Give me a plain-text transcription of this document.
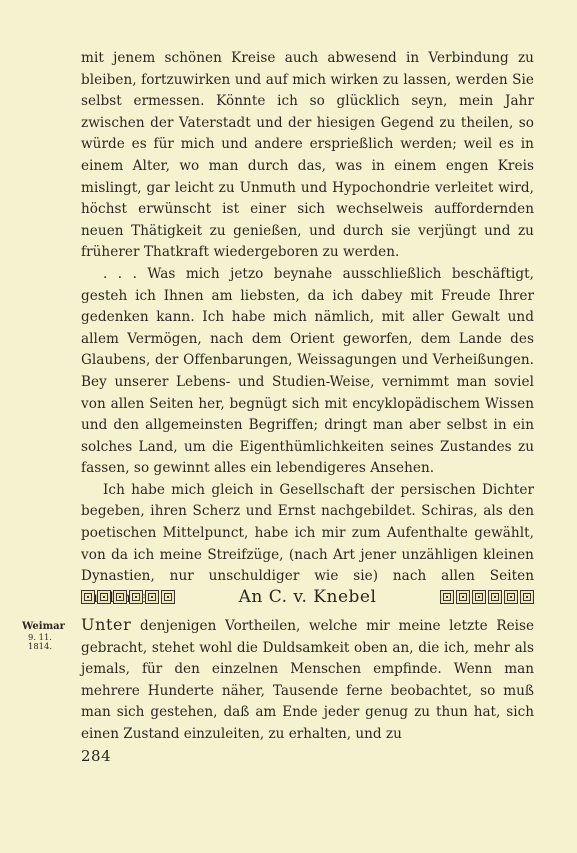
mit jenem schönen Kreise auch abwesend in Verbindung zu bleiben, fortzuwirken und auf mich wirken zu lassen, werden Sie selbst ermessen. Könnte ich so glücklich seyn, mein Jahr zwischen der Vaterstadt und der hiesigen Gegend zu theilen, so würde es für mich und andere ersprießlich werden; weil es in einem Alter, wo man durch das, was in einem engen Kreis mislingt, gar leicht zu Unmuth und Hypochondrie verleitet wird, höchst erwünscht ist einer sich wechselweis auffordernden neuen Thätigkeit zu genießen, und durch sie verjüngt und zu früherer Thatkraft wiedergeboren zu werden.

. . . Was mich jetzo beynahe ausschließlich beschäftigt, gesteh ich Ihnen am liebsten, da ich dabey mit Freude Ihrer gedenken kann. Ich habe mich nämlich, mit aller Gewalt und allem Vermögen, nach dem Orient geworfen, dem Lande des Glaubens, der Offenbarungen, Weissagungen und Verheißungen. Bey unserer Lebens- und Studien-Weise, vernimmt man soviel von allen Seiten her, begnügt sich mit encyklopädischem Wissen und den allgemeinsten Begriffen; dringt man aber selbst in ein solches Land, um die Eigenthümlichkeiten seines Zustandes zu fassen, so gewinnt alles ein lebendigeres Ansehen.

Ich habe mich gleich in Gesellschaft der persischen Dichter begeben, ihren Scherz und Ernst nachgebildet. Schiras, als den poetischen Mittelpunct, habe ich mir zum Aufenthalte gewählt, von da ich meine Streifzüge, (nach Art jener unzähligen kleinen Dynastien, nur unschuldiger wie sie) nach allen Seiten

An C. v. Knebel
Weimar
9. 11.
1814.

Unter denjenigen Vortheilen, welche mir meine letzte Reise gebracht, stehet wohl die Duldsamkeit oben an, die ich, mehr als jemals, für den einzelnen Menschen empfinde. Wenn man mehrere Hunderte näher, Tausende ferne beobachtet, so muß man sich gestehen, daß am Ende jeder genug zu thun hat, sich einen Zustand einzuleiten, zu erhalten, und zu

284
